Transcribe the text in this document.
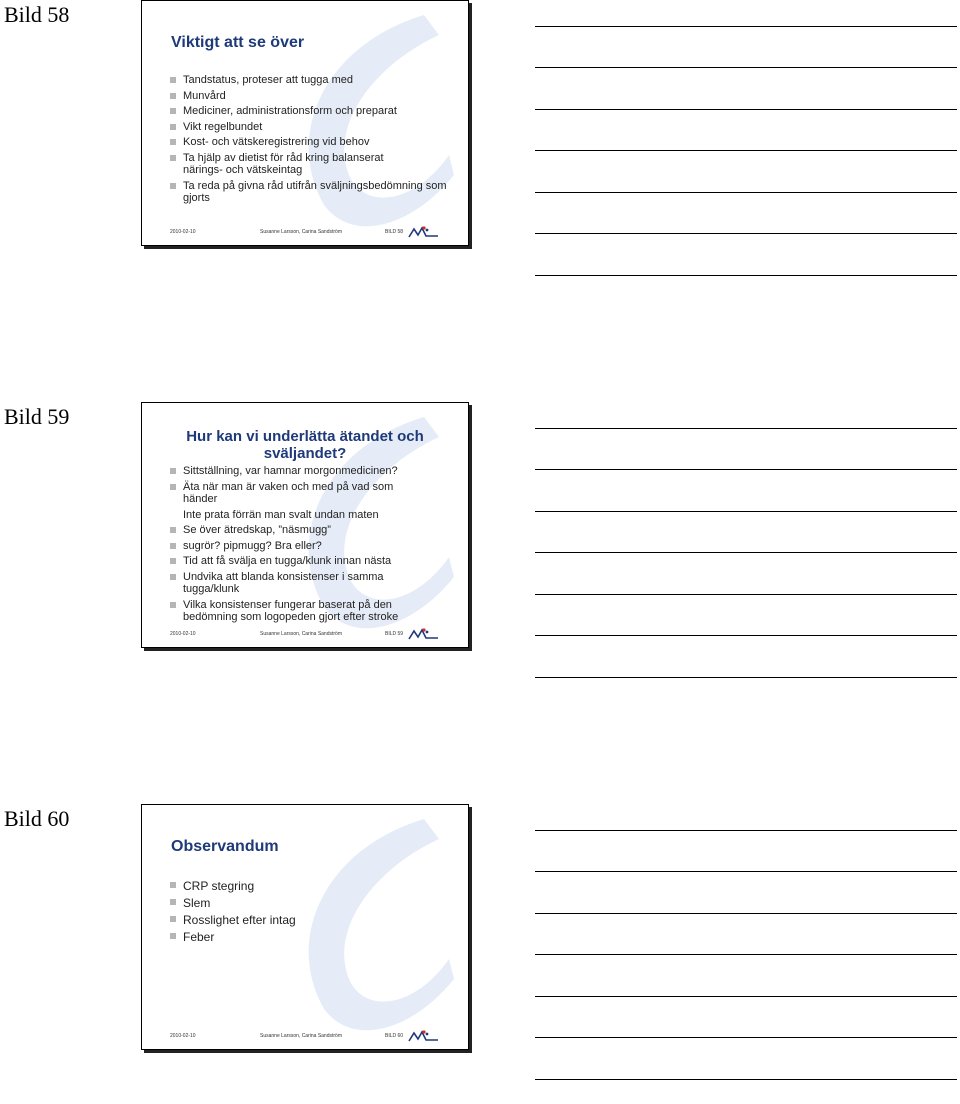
Bild 58
Viktigt att se över
Tandstatus, proteser att tugga med
Munvård
Mediciner, administrationsform och preparat
Vikt regelbundet
Kost- och vätskeregistrering vid behov
Ta hjälp av dietist för råd kring balanserat närings- och vätskeintag
Ta reda på givna råd utifrån sväljningsbedömning som gjorts
2010-02-10	Susanne Larsson, Carina Sandström	BILD 58
Bild 59
Hur kan vi underlätta ätandet och sväljandet?
Sittställning, var hamnar morgonmedicinen?
Äta när man är vaken och med på vad som händer
Inte prata förrän man svalt undan maten
Se över ätredskap, ”näsmugg”
sugrör? pipmugg? Bra eller?
Tid att få svälja en tugga/klunk innan nästa
Undvika att blanda konsistenser i samma tugga/klunk
Vilka konsistenser fungerar baserat på den bedömning som logopeden gjort efter stroke
2010-02-10	Susanne Larsson, Carina Sandström	BILD 59
Bild 60
Observandum
CRP stegring
Slem
Rosslighet efter intag
Feber
2010-02-10	Susanne Larsson, Carina Sandström	BILD 60
